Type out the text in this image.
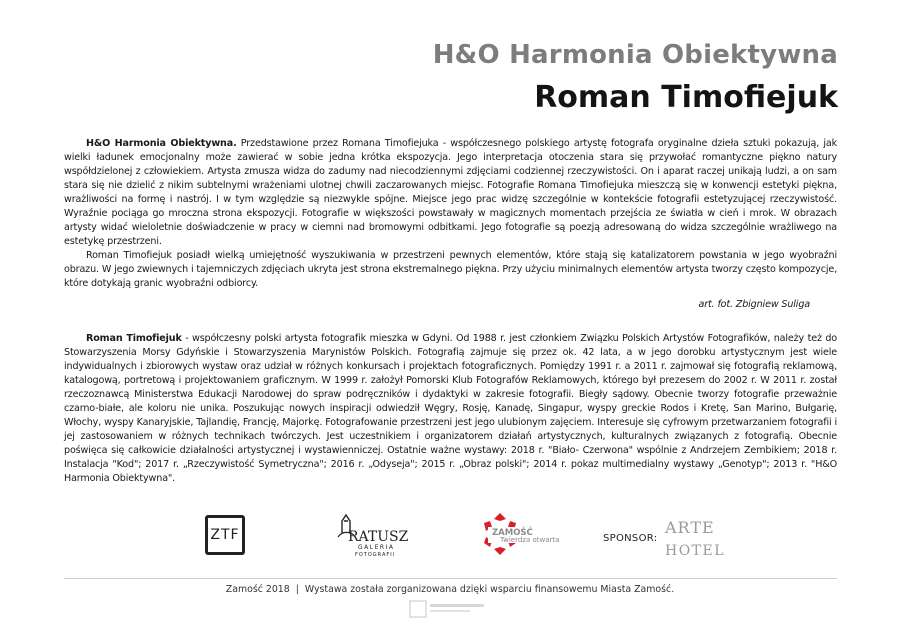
H&O Harmonia Obiektywna
Roman Timofiejuk

H&O Harmonia Obiektywna. Przedstawione przez Romana Timofiejuka - współczesnego polskiego artystę fotografa oryginalne dzieła sztuki pokazują, jak wielki ładunek emocjonalny może zawierać w sobie jedna krótka ekspozycja. Jego interpretacja otoczenia stara się przywołać romantyczne piękno natury współdzielonej z człowiekiem. Artysta zmusza widza do zadumy nad niecodziennymi zdjęciami codziennej rzeczywistości. On i aparat raczej unikają ludzi, a on sam stara się nie dzielić z nikim subtelnymi wrażeniami ulotnej chwili zaczarowanych miejsc. Fotografie Romana Timofiejuka mieszczą się w konwencji estetyki piękna, wrażliwości na formę i nastrój. I w tym względzie są niezwykle spójne. Miejsce jego prac widzę szczególnie w kontekście fotografii estetyzującej rzeczywistość. Wyraźnie pociąga go mroczna strona ekspozycji. Fotografie w większości powstawały w magicznych momentach przejścia ze światła w cień i mrok. W obrazach artysty widać wieloletnie doświadczenie w pracy w ciemni nad bromowymi odbitkami. Jego fotografie są poezją adresowaną do widza szczególnie wrażliwego na estetykę przestrzeni.

Roman Timofiejuk posiadł wielką umiejętność wyszukiwania w przestrzeni pewnych elementów, które stają się katalizatorem powstania w jego wyobraźni obrazu. W jego zwiewnych i tajemniczych zdjęciach ukryta jest strona ekstremalnego piękna. Przy użyciu minimalnych elementów artysta tworzy często kompozycje, które dotykają granic wyobraźni odbiorcy.

art. fot. Zbigniew Suliga

Roman Timofiejuk - współczesny polski artysta fotografik mieszka w Gdyni. Od 1988 r. jest członkiem Związku Polskich Artystów Fotografików, należy też do Stowarzyszenia Morsy Gdyńskie i Stowarzyszenia Marynistów Polskich. Fotografią zajmuje się przez ok. 42 lata, a w jego dorobku artystycznym jest wiele indywidualnych i zbiorowych wystaw oraz udział w różnych konkursach i projektach fotograficznych. Pomiędzy 1991 r. a 2011 r. zajmował się fotografią reklamową, katalogową, portretową i projektowaniem graficznym. W 1999 r. założył Pomorski Klub Fotografów Reklamowych, którego był prezesem do 2002 r. W 2011 r. został rzeczoznawcą Ministerstwa Edukacji Narodowej do spraw podręczników i dydaktyki w zakresie fotografii. Biegły sądowy. Obecnie tworzy fotografie przeważnie czarno-białe, ale koloru nie unika. Poszukując nowych inspiracji odwiedził Węgry, Rosję, Kanadę, Singapur, wyspy greckie Rodos i Kretę, San Marino, Bułgarię, Włochy, wyspy Kanaryjskie, Tajlandię, Francję, Majorkę. Fotografowanie przestrzeni jest jego ulubionym zajęciem. Interesuje się cyfrowym przetwarzaniem fotografii i jej zastosowaniem w różnych technikach twórczych. Jest uczestnikiem i organizatorem działań artystycznych, kulturalnych związanych z fotografią. Obecnie poświęca się całkowicie działalności artystycznej i wystawienniczej. Ostatnie ważne wystawy: 2018 r. "Biało- Czerwona" wspólnie z Andrzejem Zembikiem; 2018 r. Instalacja "Kod"; 2017 r. „Rzeczywistość Symetryczna"; 2016 r. „Odyseja"; 2015 r. „Obraz polski"; 2014 r. pokaz multimedialny wystawy „Genotyp"; 2013 r. "H&O Harmonia Obiektywna".

ZTF	RATUSZ
GALERIA
FOTOGRAFII
ZAMOŚĆ
Twierdza otwarta	SPONSOR:
ARTE
HOTEL
Zamość 2018 | Wystawa została zorganizowana dzięki wsparciu finansowemu Miasta Zamość.
